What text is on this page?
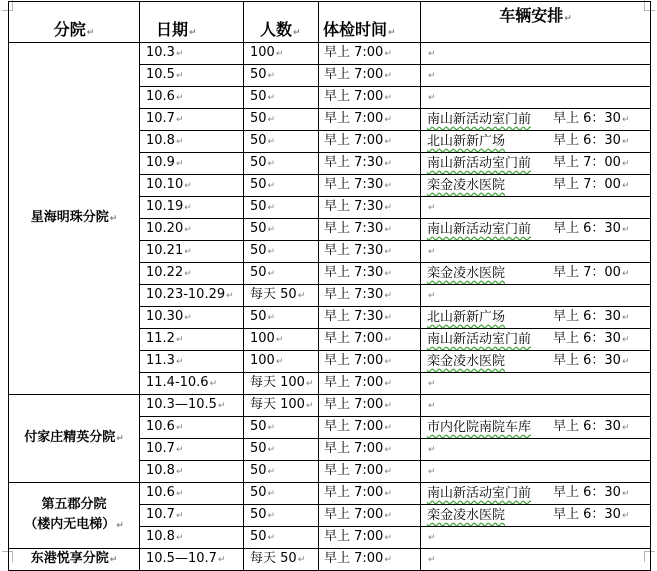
分院↵	日期↵	人数↵	体检时间↵	车辆安排↵
星海明珠分院↵	10.3↵	100↵	早上 7:00↵	↵
	10.5↵	50↵	早上 7:00↵	↵
	10.6↵	50↵	早上 7:00↵	↵
	10.7↵	50↵	早上 7:00↵	南山新活动室门前 早上 6：30↵

	10.8↵	50↵	早上 7:00↵	北山新新广场 早上 6：30↵

	10.9↵	50↵	早上 7:30↵	南山新活动室门前 早上 7：00↵

	10.10↵	50↵	早上 7:30↵	栾金凌水医院 早上 7：00↵

	10.19↵	50↵	早上 7:30↵	↵
	10.20↵	50↵	早上 7:30↵	南山新活动室门前 早上 6：30↵

	10.21↵	50↵	早上 7:30↵	↵
	10.22↵	50↵	早上 7:30↵	栾金凌水医院 早上 7：00↵

	10.23-10.29↵	每天 50↵	早上 7:30↵	↵
	10.30↵	50↵	早上 7:30↵	北山新新广场 早上 6：30↵

	11.2↵	100↵	早上 7:00↵	南山新活动室门前 早上 6：30↵

	11.3↵	100↵	早上 7:00↵	栾金凌水医院 早上 6：30↵

	11.4-10.6↵	每天 100↵	早上 7:00↵	↵
付家庄精英分院↵	10.3—10.5↵	每天 100↵	早上 7:00↵	↵
	10.6↵	50↵	早上 7:00↵	市内化院南院车库 早上 6：30↵

	10.7↵	50↵	早上 7:00↵	↵
	10.8↵	50↵	早上 7:00↵	↵
第五郡分院
（楼内无电梯）↵	10.6↵	50↵	早上 7:00↵	南山新活动室门前 早上 6：30↵

	10.7↵	50↵	早上 7:00↵	栾金凌水医院 早上 6：30↵

	10.8↵	50↵	早上 7:00↵	↵
东港悦享分院↵	10.5—10.7↵	每天 50↵	早上 7:00↵	↵
